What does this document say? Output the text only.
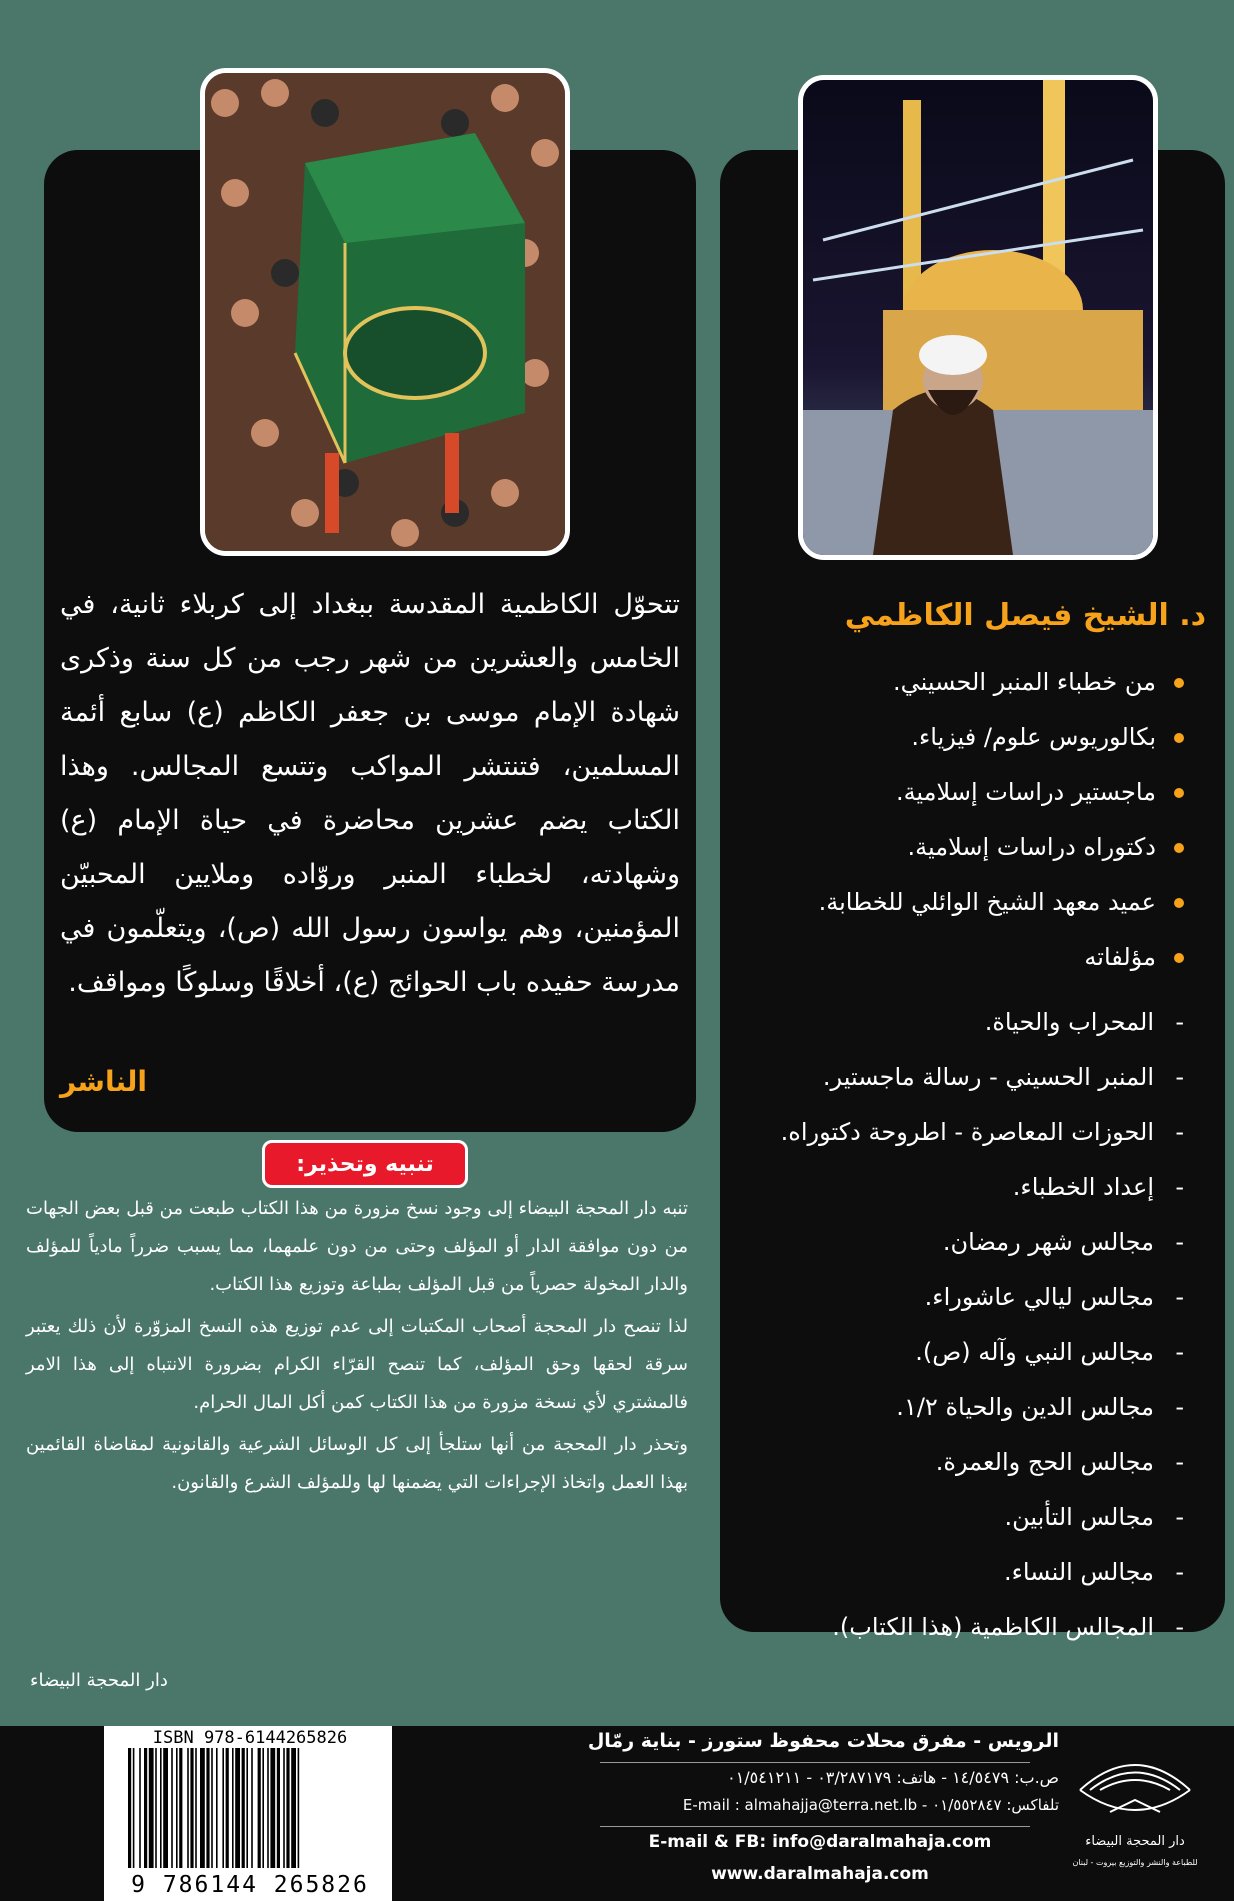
د. الشيخ فيصل الكاظمي
من خطباء المنبر الحسيني.
بكالوريوس علوم/ فيزياء.
ماجستير دراسات إسلامية.
دكتوراه دراسات إسلامية.
عميد معهد الشيخ الوائلي للخطابة.
مؤلفاته
-
المحراب والحياة.
-
المنبر الحسيني - رسالة ماجستير.
-
الحوزات المعاصرة - اطروحة دكتوراه.
-
إعداد الخطباء.
-
مجالس شهر رمضان.
-
مجالس ليالي عاشوراء.
-
مجالس النبي وآله (ص).
-
مجالس الدين والحياة ١/٢.
-
مجالس الحج والعمرة.
-
مجالس التأبين.
-
مجالس النساء.
-
المجالس الكاظمية (هذا الكتاب).
تتحوّل الكاظمية المقدسة ببغداد إلى كربلاء ثانية، في الخامس والعشرين من شهر رجب من كل سنة وذكرى شهادة الإمام موسى بن جعفر الكاظم (ع) سابع أئمة المسلمين، فتنتشر المواكب وتتسع المجالس. وهذا الكتاب يضم عشرين محاضرة في حياة الإمام (ع) وشهادته، لخطباء المنبر وروّاده وملايين المحبيّن المؤمنين، وهم يواسون رسول الله (ص)، ويتعلّمون في مدرسة حفيده باب الحوائج (ع)، أخلاقًا وسلوكًا ومواقف.
الناشر
تنبيه وتحذير:

تنبه دار المحجة البيضاء إلى وجود نسخ مزورة من هذا الكتاب طبعت من قبل بعض الجهات من دون موافقة الدار أو المؤلف وحتى من دون علمهما، مما يسبب ضرراً مادياً للمؤلف والدار المخولة حصرياً من قبل المؤلف بطباعة وتوزيع هذا الكتاب.

لذا تنصح دار المحجة أصحاب المكتبات إلى عدم توزيع هذه النسخ المزوّرة لأن ذلك يعتبر سرقة لحقها وحق المؤلف، كما تنصح القرّاء الكرام بضرورة الانتباه إلى هذا الامر فالمشتري لأي نسخة مزورة من هذا الكتاب كمن أكل المال الحرام.

وتحذر دار المحجة من أنها ستلجأ إلى كل الوسائل الشرعية والقانونية لمقاضاة القائمين بهذا العمل واتخاذ الإجراءات التي يضمنها لها وللمؤلف الشرع والقانون.

دار المحجة البيضاء
ISBN 978-6144265826
9 786144 265826
الرويس - مفرق محلات محفوظ ستورز - بناية رمّال
ص.ب: ١٤/٥٤٧٩ - هاتف: ٠٣/٢٨٧١٧٩ - ٠١/٥٤١٢١١
تلفاكس: ٠١/٥٥٢٨٤٧ - E-mail : almahajja@terra.net.lb
E-mail & FB: info@daralmahaja.com
www.daralmahaja.com
دار المحجة البيضاء
للطباعة والنشر والتوزيع بيروت - لبنان
